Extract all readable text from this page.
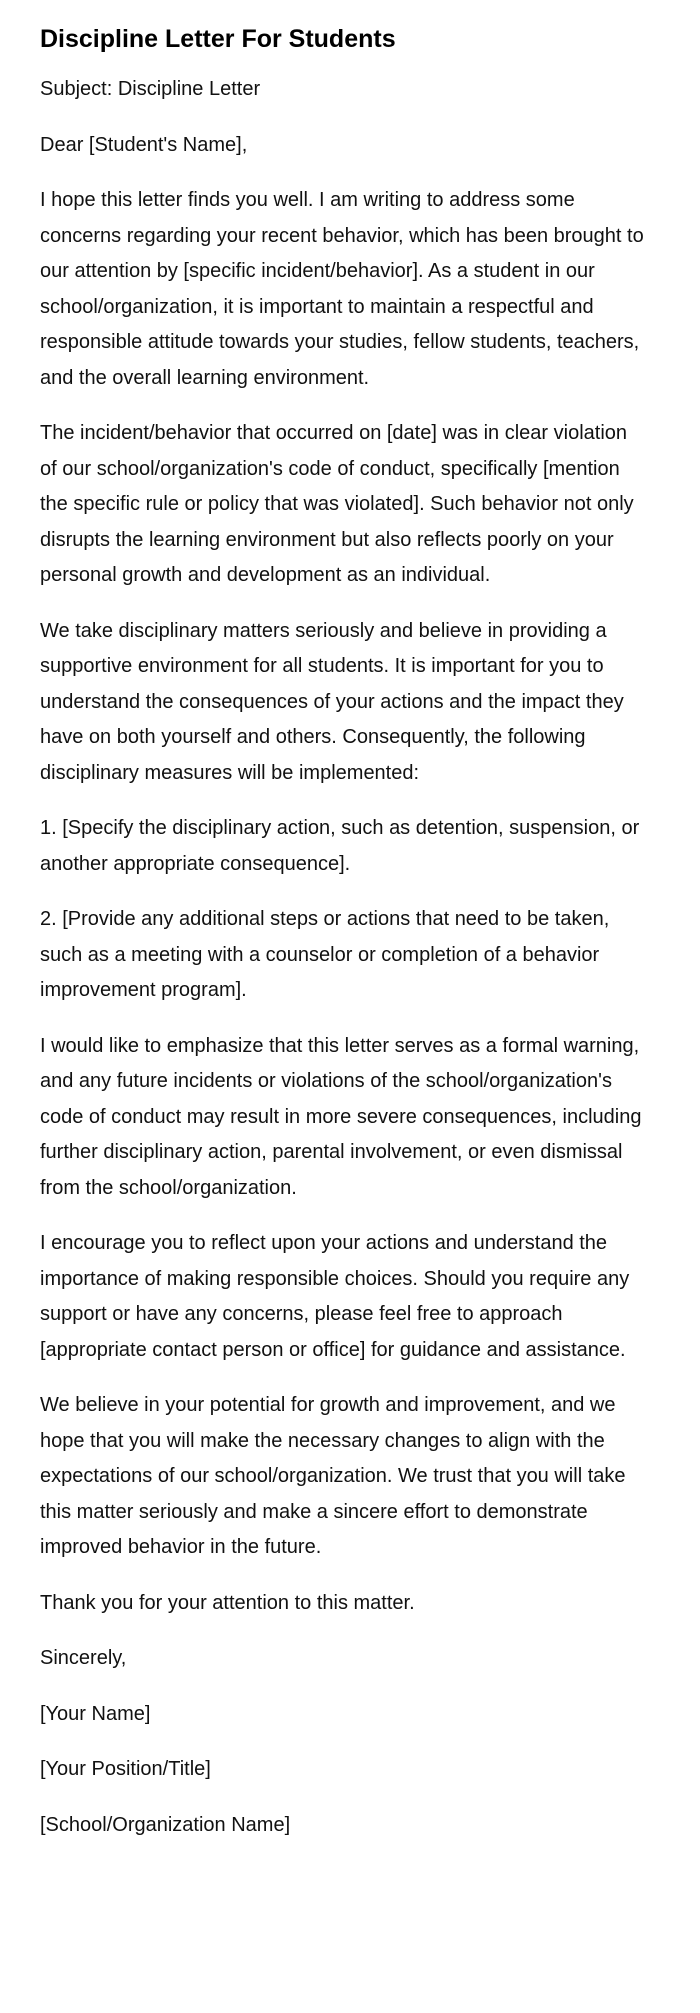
Discipline Letter For Students

Subject: Discipline Letter

Dear [Student's Name],

I hope this letter finds you well. I am writing to address some concerns regarding your recent behavior, which has been brought to our attention by [specific incident/behavior]. As a student in our school/organization, it is important to maintain a respectful and responsible attitude towards your studies, fellow students, teachers, and the overall learning environment.

The incident/behavior that occurred on [date] was in clear violation of our school/organization's code of conduct, specifically [mention the specific rule or policy that was violated]. Such behavior not only disrupts the learning environment but also reflects poorly on your personal growth and development as an individual.

We take disciplinary matters seriously and believe in providing a supportive environment for all students. It is important for you to understand the consequences of your actions and the impact they have on both yourself and others. Consequently, the following disciplinary measures will be implemented:

1. [Specify the disciplinary action, such as detention, suspension, or another appropriate consequence].

2. [Provide any additional steps or actions that need to be taken, such as a meeting with a counselor or completion of a behavior improvement program].

I would like to emphasize that this letter serves as a formal warning, and any future incidents or violations of the school/organization's code of conduct may result in more severe consequences, including further disciplinary action, parental involvement, or even dismissal from the school/organization.

I encourage you to reflect upon your actions and understand the importance of making responsible choices. Should you require any support or have any concerns, please feel free to approach [appropriate contact person or office] for guidance and assistance.

We believe in your potential for growth and improvement, and we hope that you will make the necessary changes to align with the expectations of our school/organization. We trust that you will take this matter seriously and make a sincere effort to demonstrate improved behavior in the future.

Thank you for your attention to this matter.

Sincerely,

[Your Name]

[Your Position/Title]

[School/Organization Name]
